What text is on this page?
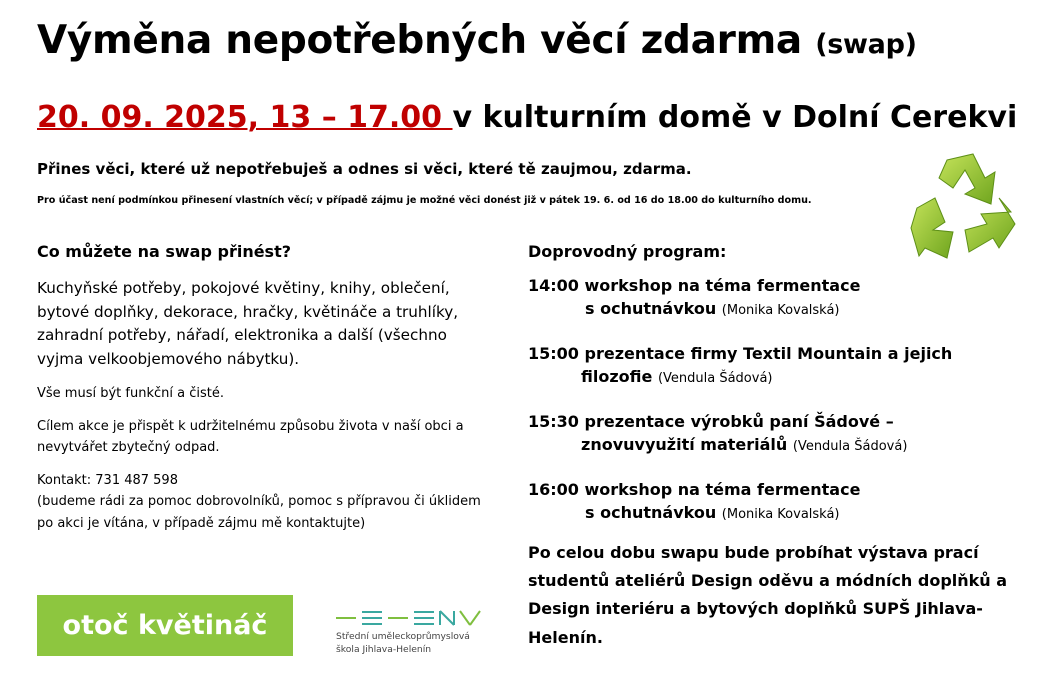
Výměna nepotřebných věcí zdarma (swap)
20. 09. 2025, 13 – 17.00 v kulturním domě v Dolní Cerekvi
Přines věci, které už nepotřebuješ a odnes si věci, které tě zaujmou, zdarma.
Pro účast není podmínkou přinesení vlastních věcí; v případě zájmu je možné věci donést již v pátek 19. 6. od 16 do 18.00 do kulturního domu.
Co můžete na swap přinést?

Kuchyňské potřeby, pokojové květiny, knihy, oblečení, bytové doplňky, dekorace, hračky, květináče a truhlíky, zahradní potřeby, nářadí, elektronika a další (všechno vyjma velkoobjemového nábytku).

Vše musí být funkční a čisté.

Cílem akce je přispět k udržitelnému způsobu života v naší obci a nevytvářet zbytečný odpad.

Kontakt: 731 487 598
(budeme rádi za pomoc dobrovolníků, pomoc s přípravou či úklidem po akci je vítána, v případě zájmu mě kontaktujte)

Doprovodný program:
14:00 workshop na téma fermentace
s ochutnávkou (Monika Kovalská)
15:00 prezentace firmy Textil Mountain a jejich
filozofie (Vendula Šádová)
15:30 prezentace výrobků paní Šádové –
znovuvyužití materiálů (Vendula Šádová)
16:00 workshop na téma fermentace
s ochutnávkou (Monika Kovalská)
Po celou dobu swapu bude probíhat výstava prací studentů ateliérů Design oděvu a módních doplňků a Design interiéru a bytových doplňků SUPŠ Jihlava-Helenín.
otoč květináč	Střední uměleckoprůmyslová
škola Jihlava-Helenín
